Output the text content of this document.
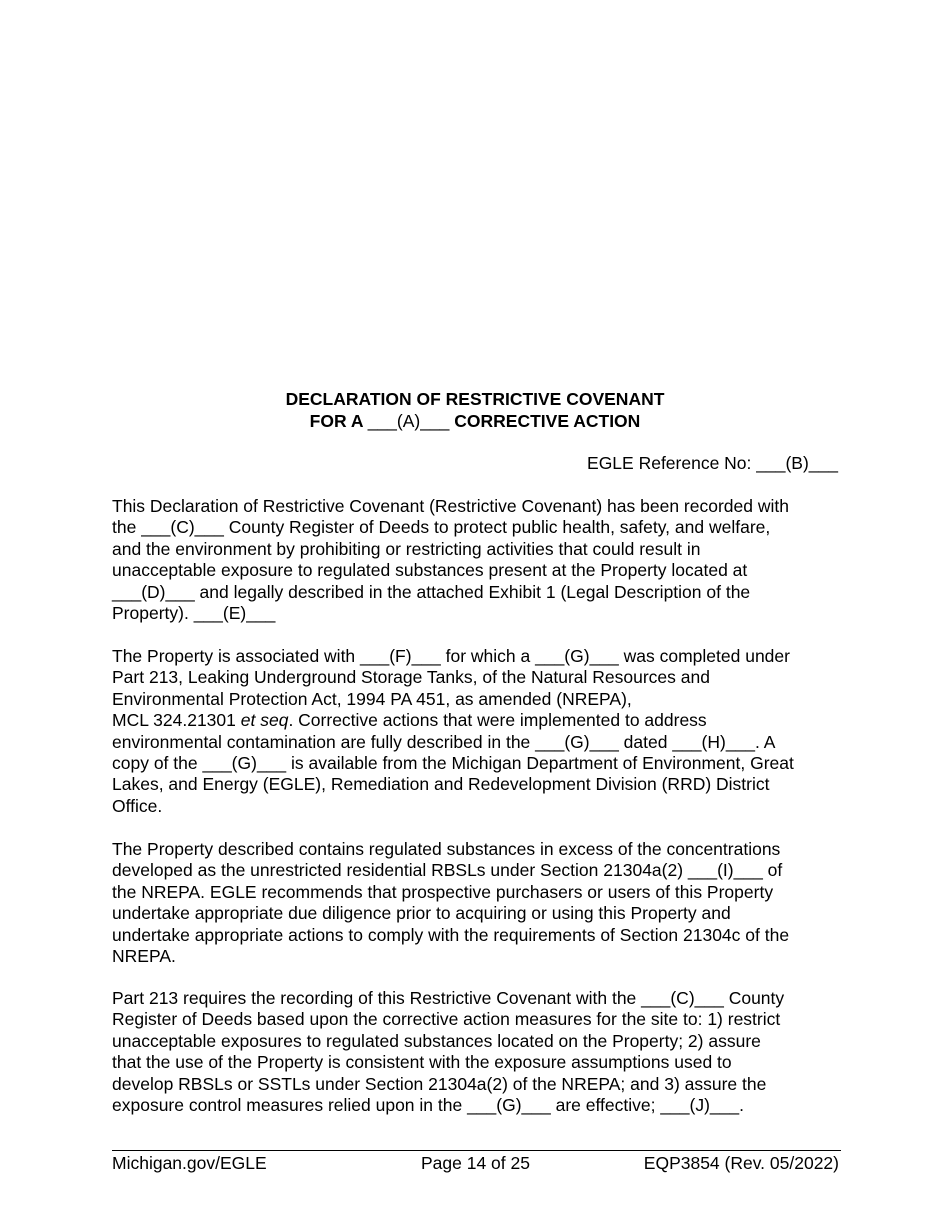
DECLARATION OF RESTRICTIVE COVENANT
FOR A ___(A)___ CORRECTIVE ACTION
EGLE Reference No: ___(B)___

This Declaration of Restrictive Covenant (Restrictive Covenant) has been recorded with
the ___(C)___ County Register of Deeds to protect public health, safety, and welfare,
and the environment by prohibiting or restricting activities that could result in
unacceptable exposure to regulated substances present at the Property located at
___(D)___ and legally described in the attached Exhibit 1 (Legal Description of the
Property). ___(E)___

The Property is associated with ___(F)___ for which a ___(G)___ was completed under
Part 213, Leaking Underground Storage Tanks, of the Natural Resources and
Environmental Protection Act, 1994 PA 451, as amended (NREPA),
MCL 324.21301 et seq. Corrective actions that were implemented to address
environmental contamination are fully described in the ___(G)___ dated ___(H)___. A
copy of the ___(G)___ is available from the Michigan Department of Environment, Great
Lakes, and Energy (EGLE), Remediation and Redevelopment Division (RRD) District
Office.

The Property described contains regulated substances in excess of the concentrations
developed as the unrestricted residential RBSLs under Section 21304a(2) ___(I)___ of
the NREPA. EGLE recommends that prospective purchasers or users of this Property
undertake appropriate due diligence prior to acquiring or using this Property and
undertake appropriate actions to comply with the requirements of Section 21304c of the
NREPA.

Part 213 requires the recording of this Restrictive Covenant with the ___(C)___ County
Register of Deeds based upon the corrective action measures for the site to: 1) restrict
unacceptable exposures to regulated substances located on the Property; 2) assure
that the use of the Property is consistent with the exposure assumptions used to
develop RBSLs or SSTLs under Section 21304a(2) of the NREPA; and 3) assure the
exposure control measures relied upon in the ___(G)___ are effective; ___(J)___.

Michigan.gov/EGLE	Page 14 of 25	EQP3854 (Rev. 05/2022)
